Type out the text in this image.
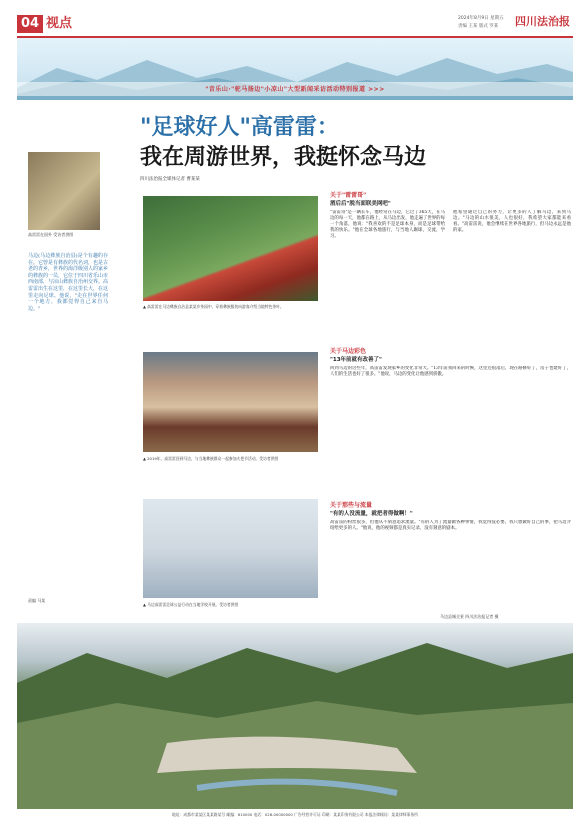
04 视点	2024年8月9日 星期五
责编 王某 版式 罗某 四川法治报
"音乐山·"驼马扬边"小凉山"大型新闻采访活动特别报道 >>>
"足球好人"高雷雷：
我在周游世界，我挺怀念马边
四川法治报全媒体记者 曹某某
高雷雷在国外 受访者供图
马边(马边彝族自治县)是个有趣的存在。它曾是有彝族的代名词，也是古老的青乡，世界的海洋级别人的家乡的彝族的一员，它位于四川省乐山市西南部，与凉山彝族自治州交界。高雷雷出生在这里，在这里长大，在这里走向足球。他说，"走在世界任何一个地方，我都觉得自己来自马边。"
责编 马某
▲ 高雷雷在马边彝族自治县某某乡茶园中，穿着彝族服装向游客介绍当地特色茶叶。
▲ 2019年，高雷雷回到马边，与当地彝族群众一起参加火把节活动。受访者供图
▲ 马边高雷雷足球公益行动在当地学校开展。受访者供图
关于"雷雷哥"
酒后后"脱当面联美网吧"
"雷雷哥"是一辆长车，他经常在马边，它过了365天，在马边的每一天，他都在路上，从马边出发，他走遍了世界的每一个角落，他说："我喜欢的不是足球本身，而是足球带给我的快乐。"他在全球各地旅行，与当地人踢球，交流，学习。
他希望通过自己的努力，让更多的人了解马边，来到马边。"马边的山水很美，人也很好，我希望大家都能来看看。"高雷雷说，他会继续在世界各地旅行，但马边永远是他的家。
关于马边彩色
"13年前就有改善了"
回到马边的这些年，高雷雷发现家乡的变化非常大。"13年前我回来的时候，这里还很落后，现在路修好了，房子也建好了，人们的生活也好了很多。"他说，马边的变化让他感到骄傲。
关于那些与流量
"有的人没流量，就把者得做啊！"
高雷雷的粉丝很多，但他从不刻意追求流量。"有的人为了流量做各种事情，我觉得没必要。我只想做好自己的事，把马边介绍给更多的人。"他说，他的视频都是真实记录，没有刻意的剧本。
马边县城全景 四川法治报记者 摄
地址：成都市某某区某某路某号 邮编：610000 电话：028-00000000 广告经营许可证 印刷：某某印务有限公司 本报法律顾问：某某律师事务所
